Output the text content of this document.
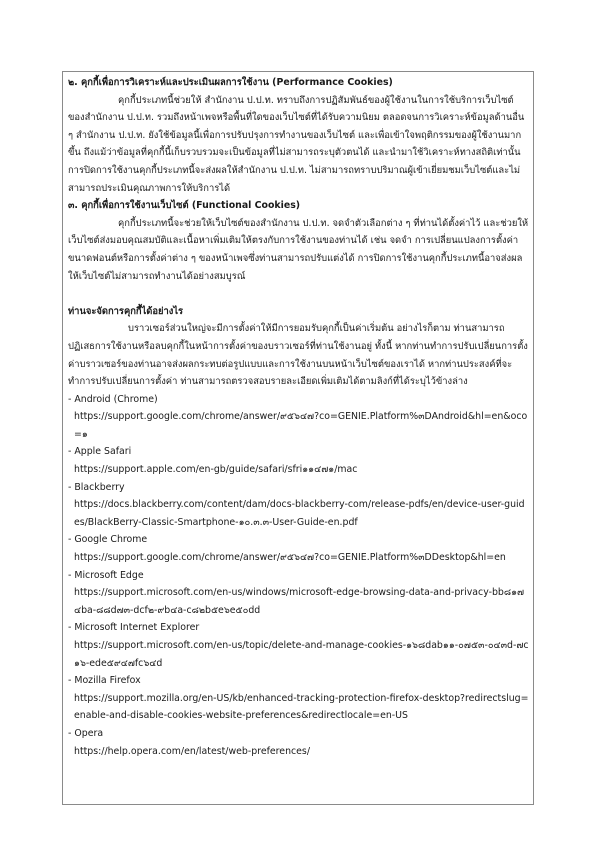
๒. คุกกี้เพื่อการวิเคราะห์และประเมินผลการใช้งาน (Performance Cookies)

คุกกี้ประเภทนี้ช่วยให้ สำนักงาน ป.ป.ท. ทราบถึงการปฏิสัมพันธ์ของผู้ใช้งานในการใช้บริการเว็บไซต์ของสำนักงาน ป.ป.ท. รวมถึงหน้าเพจหรือพื้นที่ใดของเว็บไซต์ที่ได้รับความนิยม ตลอดจนการวิเคราะห์ข้อมูลด้านอื่น ๆ สำนักงาน ป.ป.ท. ยังใช้ข้อมูลนี้เพื่อการปรับปรุงการทำงานของเว็บไซต์ และเพื่อเข้าใจพฤติกรรมของผู้ใช้งานมากขึ้น ถึงแม้ว่าข้อมูลที่คุกกี้นี้เก็บรวบรวมจะเป็นข้อมูลที่ไม่สามารถระบุตัวตนได้ และนำมาใช้วิเคราะห์ทางสถิติเท่านั้น การปิดการใช้งานคุกกี้ประเภทนี้จะส่งผลให้สำนักงาน ป.ป.ท. ไม่สามารถทราบปริมาณผู้เข้าเยี่ยมชมเว็บไซต์และไม่สามารถประเมินคุณภาพการให้บริการได้

๓. คุกกี้เพื่อการใช้งานเว็บไซต์ (Functional Cookies)

คุกกี้ประเภทนี้จะช่วยให้เว็บไซต์ของสำนักงาน ป.ป.ท. จดจำตัวเลือกต่าง ๆ ที่ท่านได้ตั้งค่าไว้ และช่วยให้เว็บไซต์ส่งมอบคุณสมบัติและเนื้อหาเพิ่มเติมให้ตรงกับการใช้งานของท่านได้ เช่น จดจำ การเปลี่ยนแปลงการตั้งค่าขนาดฟอนต์หรือการตั้งค่าต่าง ๆ ของหน้าเพจซึ่งท่านสามารถปรับแต่งได้ การปิดการใช้งานคุกกี้ประเภทนี้อาจส่งผลให้เว็บไซต์ไม่สามารถทำงานได้อย่างสมบูรณ์

ท่านจะจัดการคุกกี้ได้อย่างไร

บราวเซอร์ส่วนใหญ่จะมีการตั้งค่าให้มีการยอมรับคุกกี้เป็นค่าเริ่มต้น อย่างไรก็ตาม ท่านสามารถปฏิเสธการใช้งานหรือลบคุกกี้ในหน้าการตั้งค่าของบราวเซอร์ที่ท่านใช้งานอยู่ ทั้งนี้ หากท่านทำการปรับเปลี่ยนการตั้งค่าบราวเซอร์ของท่านอาจส่งผลกระทบต่อรูปแบบและการใช้งานบนหน้าเว็บไซต์ของเราได้ หากท่านประสงค์ที่จะทำการปรับเปลี่ยนการตั้งค่า ท่านสามารถตรวจสอบรายละเอียดเพิ่มเติมได้ตามลิงก์ที่ได้ระบุไว้ข้างล่าง

- Android (Chrome)

https://support.google.com/chrome/answer/๙๕๖๔๗?co=GENIE.Platform%๓DAndroid&hl=en&oco=๑

- Apple Safari

https://support.apple.com/en-gb/guide/safari/sfri๑๑๔๗๑/mac

- Blackberry

https://docs.blackberry.com/content/dam/docs-blackberry-com/release-pdfs/en/device-user-guides/BlackBerry-Classic-Smartphone-๑๐.๓.๓-User-Guide-en.pdf

- Google Chrome

https://support.google.com/chrome/answer/๙๕๖๔๗?co=GENIE.Platform%๓DDesktop&hl=en

- Microsoft Edge

https://support.microsoft.com/en-us/windows/microsoft-edge-browsing-data-and-privacy-bb๘๑๗๔ba-๘๘d๗๓-dcf๒-๙b๔a-c๘๒b๕e๖e๕๐dd

- Microsoft Internet Explorer

https://support.microsoft.com/en-us/topic/delete-and-manage-cookies-๑๖๘dab๑๑-๐๗๕๓-๐๔๓d-๗c๑๖-ede๕๙๔๗fc๖๔d

- Mozilla Firefox

https://support.mozilla.org/en-US/kb/enhanced-tracking-protection-firefox-desktop?redirectslug=enable-and-disable-cookies-website-preferences&redirectlocale=en-US

- Opera

https://help.opera.com/en/latest/web-preferences/
